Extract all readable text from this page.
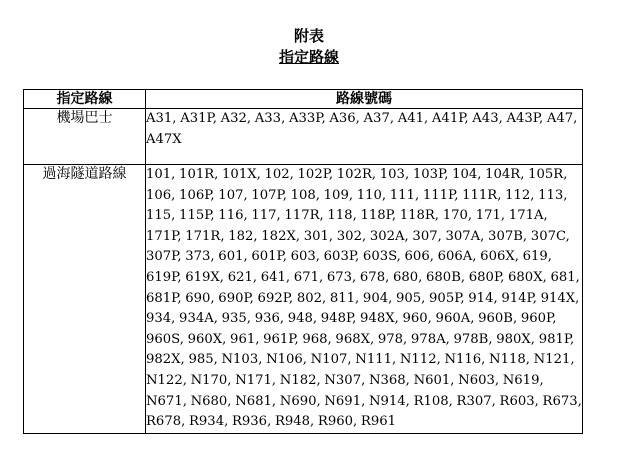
附表
指定路線
指定路線	路線號碼
機場巴士	A31, A31P, A32, A33, A33P, A36, A37, A41, A41P, A43, A43P, A47, A47X
過海隧道路線	101, 101R, 101X, 102, 102P, 102R, 103, 103P, 104, 104R, 105R, 106, 106P, 107, 107P, 108, 109, 110, 111, 111P, 111R, 112, 113, 115, 115P, 116, 117, 117R, 118, 118P, 118R, 170, 171, 171A, 171P, 171R, 182, 182X, 301, 302, 302A, 307, 307A, 307B, 307C, 307P, 373, 601, 601P, 603, 603P, 603S, 606, 606A, 606X, 619, 619P, 619X, 621, 641, 671, 673, 678, 680, 680B, 680P, 680X, 681, 681P, 690, 690P, 692P, 802, 811, 904, 905, 905P, 914, 914P, 914X, 934, 934A, 935, 936, 948, 948P, 948X, 960, 960A, 960B, 960P, 960S, 960X, 961, 961P, 968, 968X, 978, 978A, 978B, 980X, 981P, 982X, 985, N103, N106, N107, N111, N112, N116, N118, N121, N122, N170, N171, N182, N307, N368, N601, N603, N619, N671, N680, N681, N690, N691, N914, R108, R307, R603, R673, R678, R934, R936, R948, R960, R961
